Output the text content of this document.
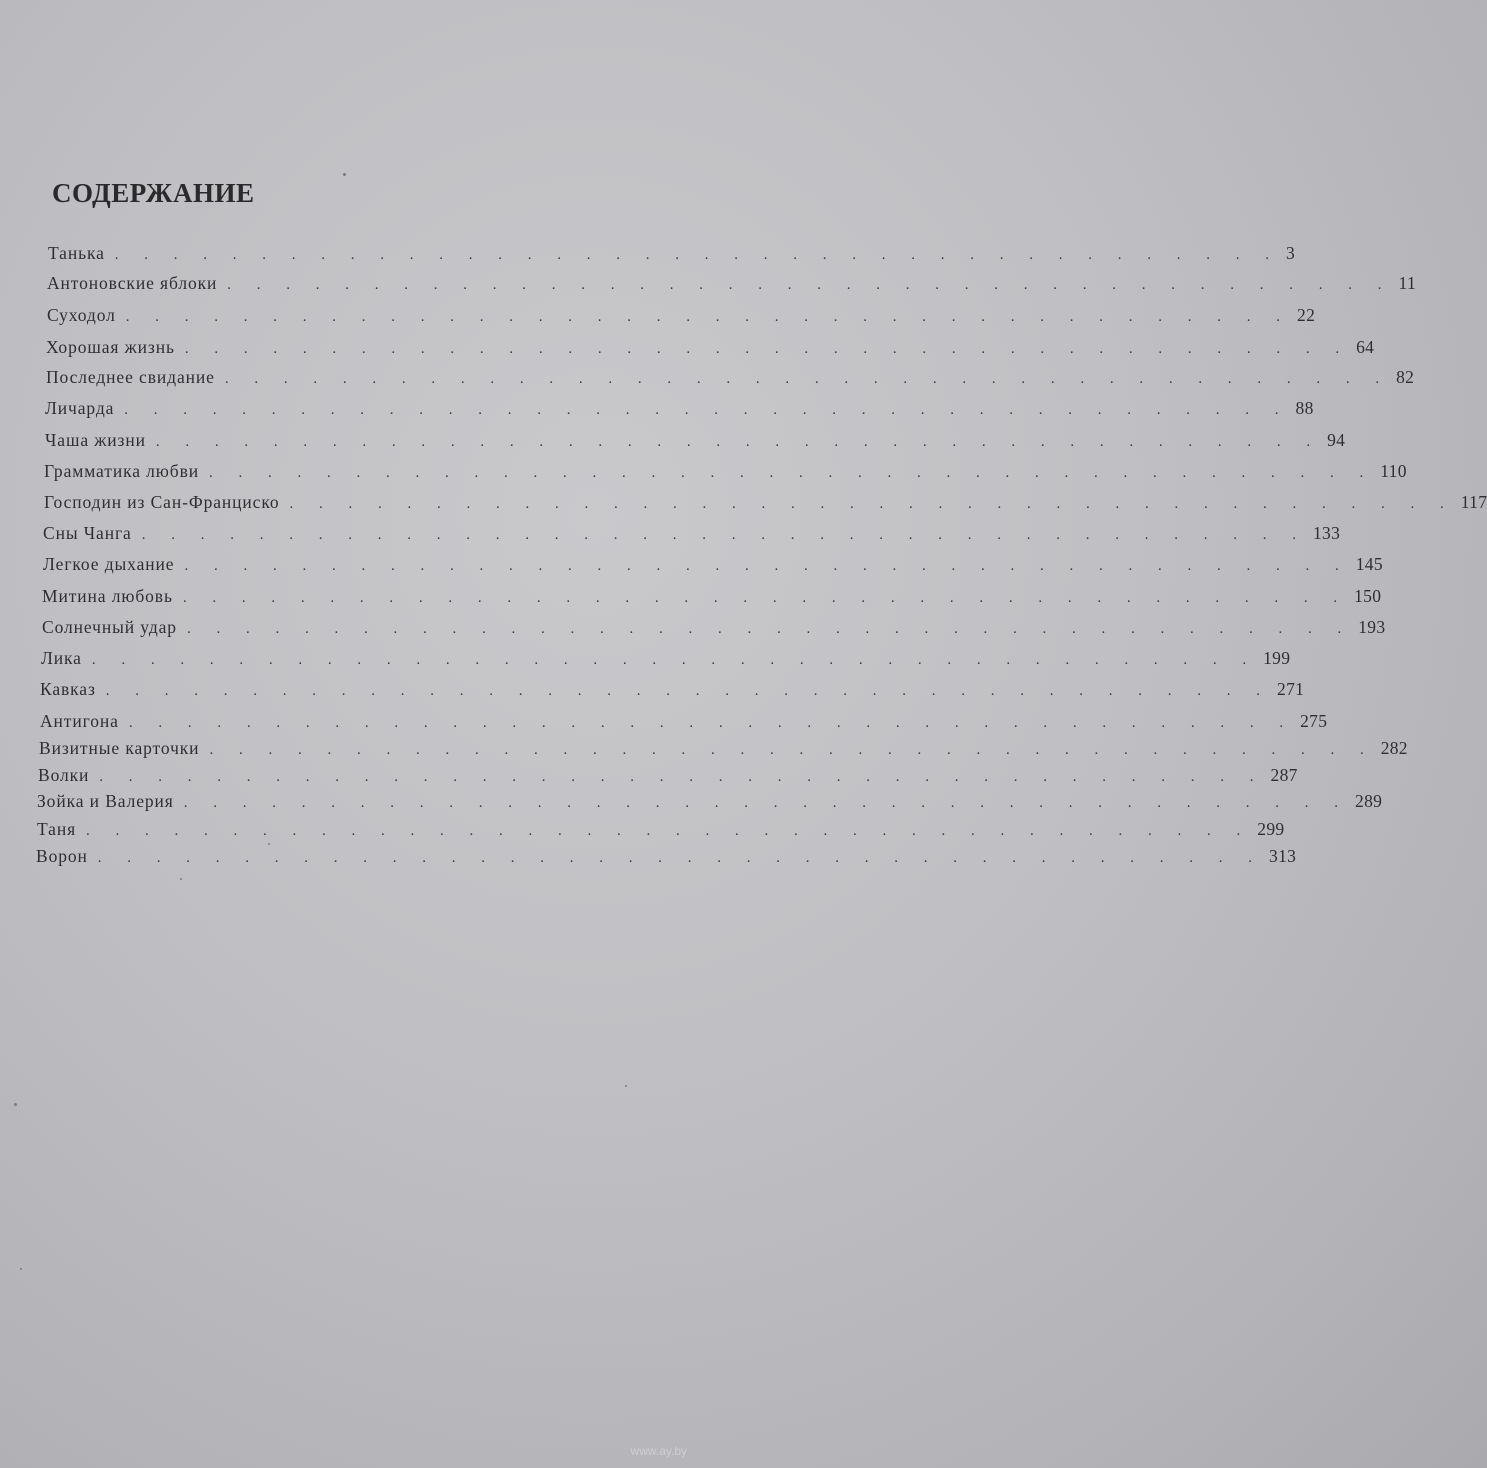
СОДЕРЖАНИЕ
Танька . . . . . . . . . . . . . . . . . . . . . . . . . . . . . . . . . . . . . . . . 3
Антоновские яблоки . . . . . . . . . . . . . . . . . . . . . . . . . . . . . . . . . . . . . . . . 11
Суходол . . . . . . . . . . . . . . . . . . . . . . . . . . . . . . . . . . . . . . . . 22
Хорошая жизнь . . . . . . . . . . . . . . . . . . . . . . . . . . . . . . . . . . . . . . . . 64
Последнее свидание . . . . . . . . . . . . . . . . . . . . . . . . . . . . . . . . . . . . . . . . 82
Личарда . . . . . . . . . . . . . . . . . . . . . . . . . . . . . . . . . . . . . . . . 88
Чаша жизни . . . . . . . . . . . . . . . . . . . . . . . . . . . . . . . . . . . . . . . . 94
Грамматика любви . . . . . . . . . . . . . . . . . . . . . . . . . . . . . . . . . . . . . . . . 110
Господин из Сан-Франциско . . . . . . . . . . . . . . . . . . . . . . . . . . . . . . . . . . . . . . . . 117
Сны Чанга . . . . . . . . . . . . . . . . . . . . . . . . . . . . . . . . . . . . . . . . 133
Легкое дыхание . . . . . . . . . . . . . . . . . . . . . . . . . . . . . . . . . . . . . . . . 145
Митина любовь . . . . . . . . . . . . . . . . . . . . . . . . . . . . . . . . . . . . . . . . 150
Солнечный удар . . . . . . . . . . . . . . . . . . . . . . . . . . . . . . . . . . . . . . . . 193
Лика . . . . . . . . . . . . . . . . . . . . . . . . . . . . . . . . . . . . . . . . 199
Кавказ . . . . . . . . . . . . . . . . . . . . . . . . . . . . . . . . . . . . . . . . 271
Антигона . . . . . . . . . . . . . . . . . . . . . . . . . . . . . . . . . . . . . . . . 275
Визитные карточки . . . . . . . . . . . . . . . . . . . . . . . . . . . . . . . . . . . . . . . . 282
Волки . . . . . . . . . . . . . . . . . . . . . . . . . . . . . . . . . . . . . . . . 287
Зойка и Валерия . . . . . . . . . . . . . . . . . . . . . . . . . . . . . . . . . . . . . . . . 289
Таня . . . . . . . . . . . . . . . . . . . . . . . . . . . . . . . . . . . . . . . . 299
Ворон . . . . . . . . . . . . . . . . . . . . . . . . . . . . . . . . . . . . . . . . 313
www.ay.by
